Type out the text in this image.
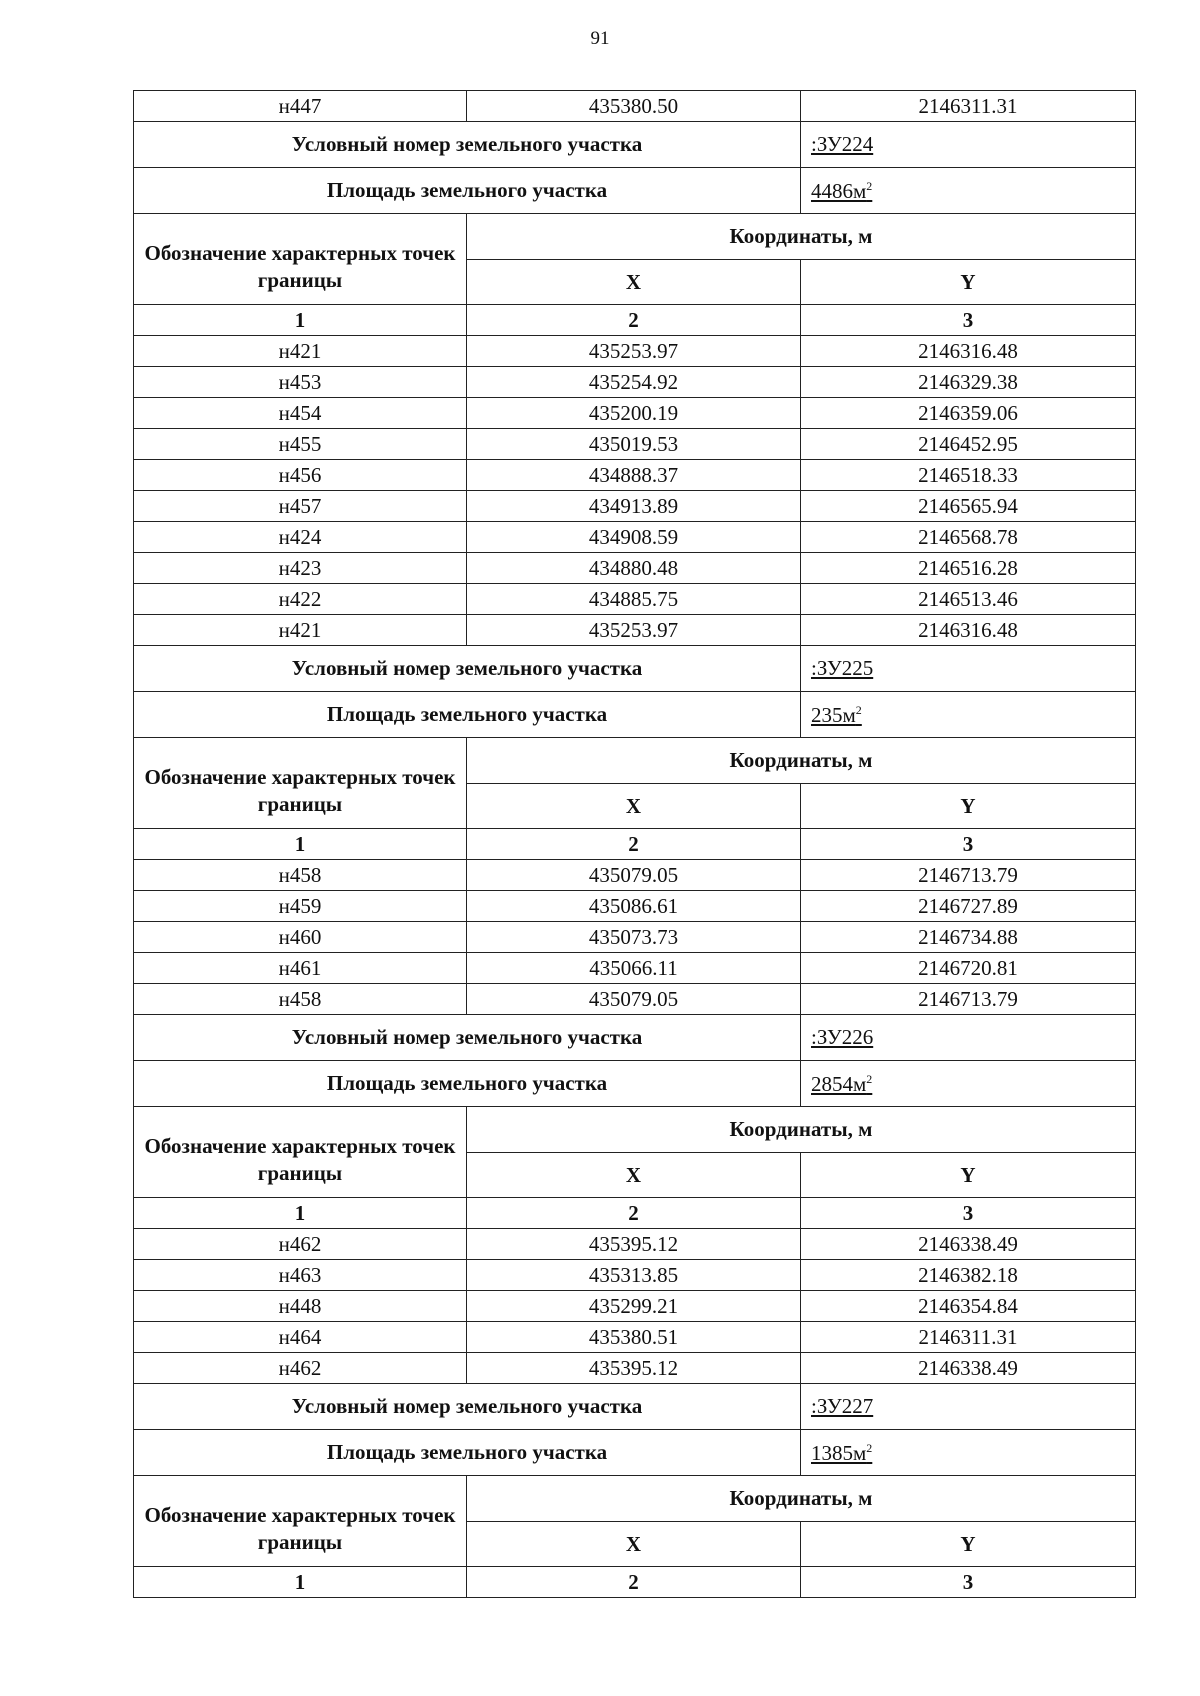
91
н447	435380.50	2146311.31
Условный номер земельного участка		:ЗУ224
Площадь земельного участка		$4486м^2$
Обозначение характерных точек границы	Координаты, м	
	X	Y
1	2	3
н421	435253.97	2146316.48
н453	435254.92	2146329.38
н454	435200.19	2146359.06
н455	435019.53	2146452.95
н456	434888.37	2146518.33
н457	434913.89	2146565.94
н424	434908.59	2146568.78
н423	434880.48	2146516.28
н422	434885.75	2146513.46
н421	435253.97	2146316.48
Условный номер земельного участка		:ЗУ225
Площадь земельного участка		$235м^2$
Обозначение характерных точек границы	Координаты, м	
	X	Y
1	2	3
н458	435079.05	2146713.79
н459	435086.61	2146727.89
н460	435073.73	2146734.88
н461	435066.11	2146720.81
н458	435079.05	2146713.79
Условный номер земельного участка		:ЗУ226
Площадь земельного участка		$2854м^2$
Обозначение характерных точек границы	Координаты, м	
	X	Y
1	2	3
н462	435395.12	2146338.49
н463	435313.85	2146382.18
н448	435299.21	2146354.84
н464	435380.51	2146311.31
н462	435395.12	2146338.49
Условный номер земельного участка		:ЗУ227
Площадь земельного участка		$1385м^2$
Обозначение характерных точек границы	Координаты, м	
	X	Y
1	2	3
